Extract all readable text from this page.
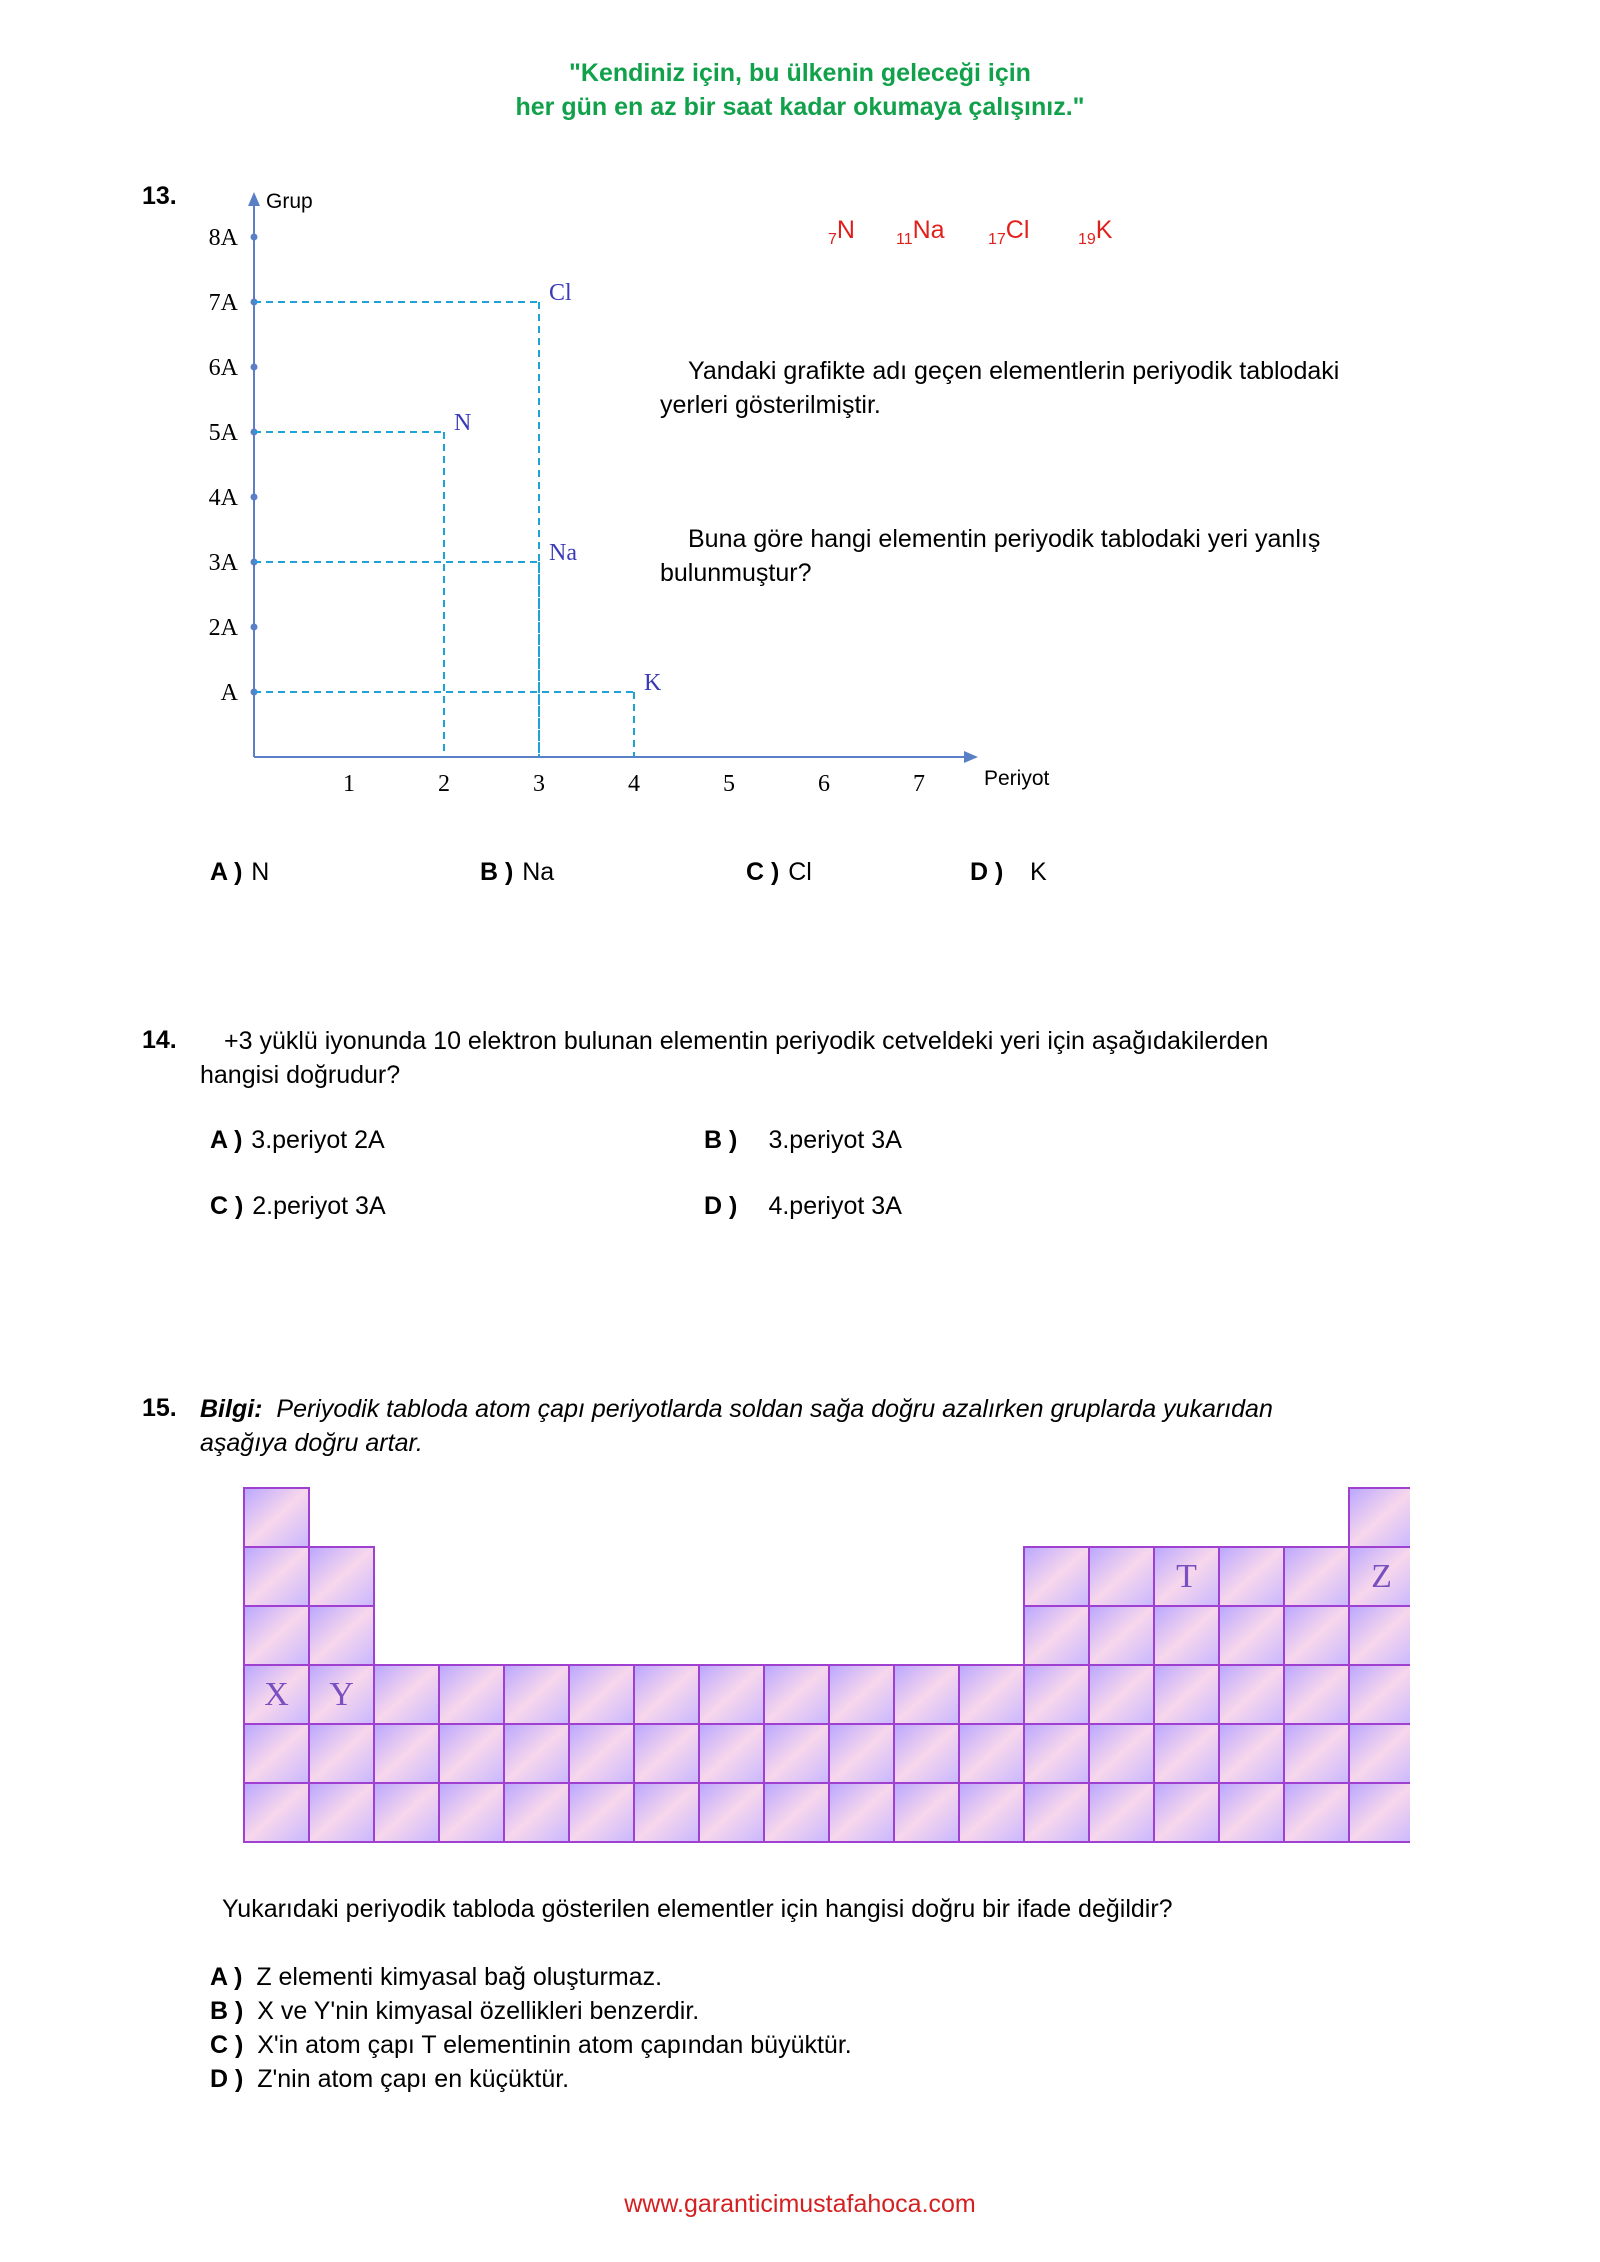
"Kendiniz için, bu ülkenin geleceği için
her gün en az bir saat kadar okumaya çalışınız."
13.	Grup
Periyot
A
2A
3A
4A
5A
6A
7A
8A
1	2	3	4	5	6	7
N
Na
Cl
K
$_7$N	$_{11}$Na	$_{17}$Cl	$_{19}$K
Yandaki grafikte adı geçen elementlerin periyodik tablodaki
yerleri gösterilmiştir.
Buna göre hangi elementin periyodik tablodaki yeri yanlış
bulunmuştur?
A ) N	B ) Na	C ) Cl	D ) K
14.	+3 yüklü iyonunda 10 elektron bulunan elementin periyodik cetveldeki yeri için aşağıdakilerden
hangisi doğrudur?
A ) 3.periyot 2A	B ) 3.periyot 3A
C ) 2.periyot 3A	D ) 4.periyot 3A
15. Bilgi: Periyodik tabloda atom çapı periyotlarda soldan sağa doğru azalırken gruplarda yukarıdan
aşağıya doğru artar.
T	Z
X Y
Yukarıdaki periyodik tabloda gösterilen elementler için hangisi doğru bir ifade değildir?
A ) Z elementi kimyasal bağ oluşturmaz.
B ) X ve Y'nin kimyasal özellikleri benzerdir.
C ) X'in atom çapı T elementinin atom çapından büyüktür.
D ) Z'nin atom çapı en küçüktür.
www.garanticimustafahoca.com
